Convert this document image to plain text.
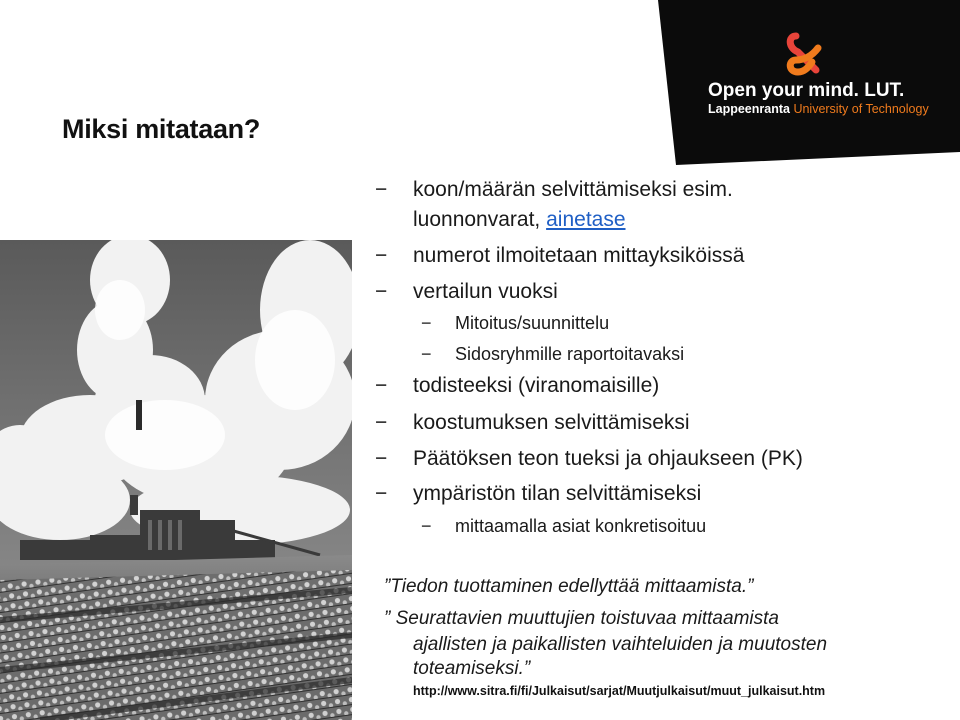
Open your mind. LUT.

Lappeenranta University of Technology

Miksi mitataan?

− koon/määrän selvittämiseksi esim.

luonnonvarat, ainetase

− numerot ilmoitetaan mittayksiköissä

− vertailun vuoksi

− Mitoitus/suunnittelu

− Sidosryhmille raportoitavaksi

− todisteeksi (viranomaisille)

− koostumuksen selvittämiseksi

− Päätöksen teon tueksi ja ohjaukseen (PK)

− ympäristön tilan selvittämiseksi

− mittaamalla asiat konkretisoituu

”Tiedon tuottaminen edellyttää mittaamista.”

” Seurattavien muuttujien toistuvaa mittaamista

ajallisten ja paikallisten vaihteluiden ja muutosten

toteamiseksi.”

http://www.sitra.fi/fi/Julkaisut/sarjat/Muutjulkaisut/muut_julkaisut.htm
